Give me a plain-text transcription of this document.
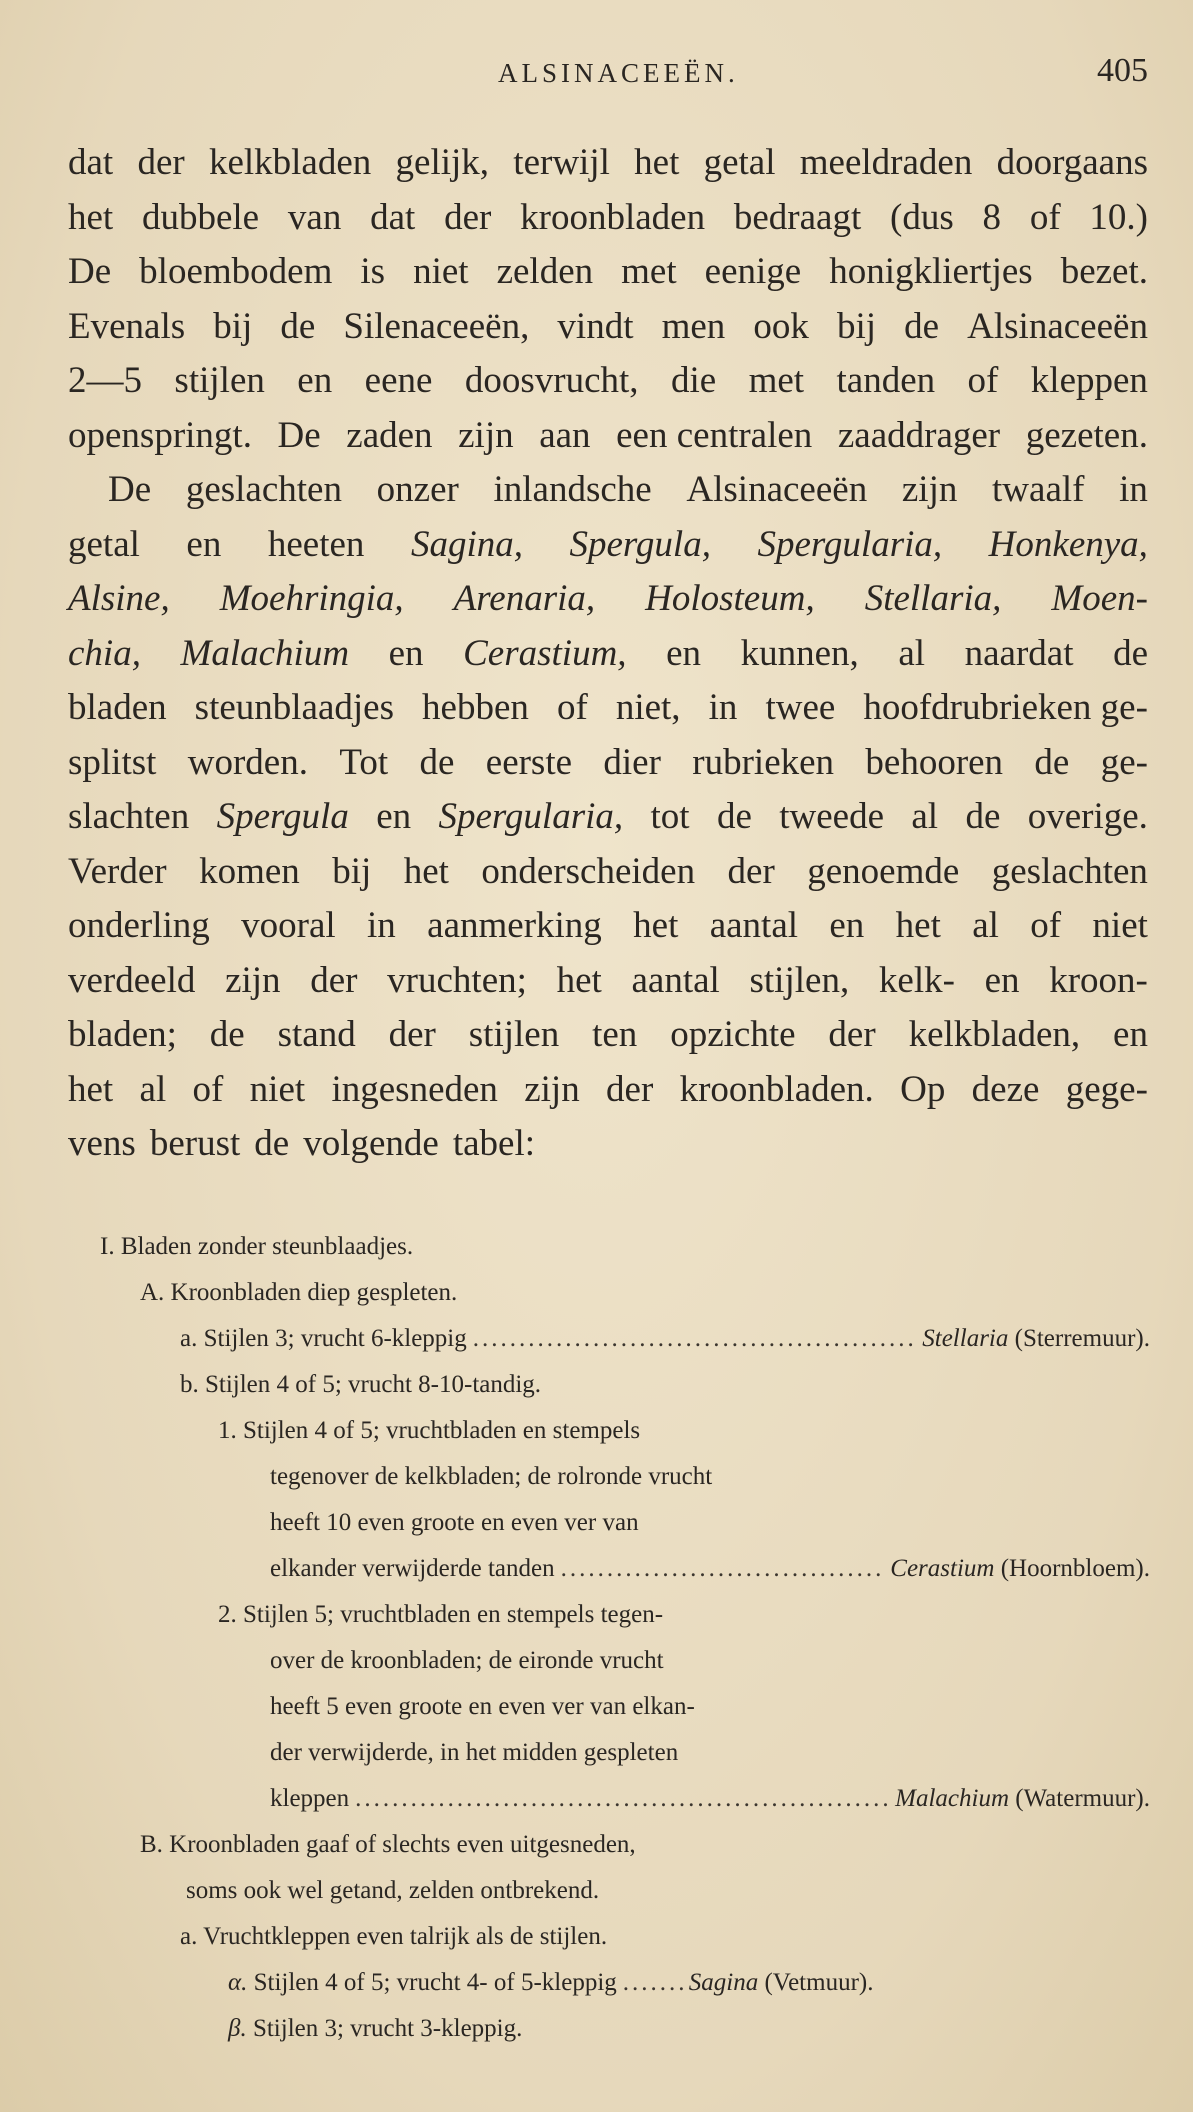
ALSINACEEËN.	405
dat der kelkbladen gelijk, terwijl het getal meeldraden doorgaans
het dubbele van dat der kroonbladen bedraagt (dus 8 of 10.)
De bloembodem is niet zelden met eenige honigkliertjes bezet.
Evenals bij de Silenaceeën, vindt men ook bij de Alsinaceeën
2—5 stijlen en eene doosvrucht, die met tanden of kleppen
openspringt. De zaden zijn aan een centralen zaaddrager gezeten.
De geslachten onzer inlandsche Alsinaceeën zijn twaalf in
getal en heeten Sagina, Spergula, Spergularia, Honkenya,
Alsine, Moehringia, Arenaria, Holosteum, Stellaria, Moen-
chia, Malachium en Cerastium, en kunnen, al naardat de
bladen steunblaadjes hebben of niet, in twee hoofdrubrieken ge-
splitst worden. Tot de eerste dier rubrieken behooren de ge-
slachten Spergula en Spergularia, tot de tweede al de overige.
Verder komen bij het onderscheiden der genoemde geslachten
onderling vooral in aanmerking het aantal en het al of niet
verdeeld zijn der vruchten; het aantal stijlen, kelk- en kroon-
bladen; de stand der stijlen ten opzichte der kelkbladen, en
het al of niet ingesneden zijn der kroonbladen. Op deze gege-
vens berust de volgende tabel:
I. Bladen zonder steunblaadjes.
A. Kroonbladen diep gespleten.
a. Stijlen 3; vrucht 6-kleppig .....	Stellaria (Sterremuur).
b. Stijlen 4 of 5; vrucht 8-10-tandig.
1. Stijlen 4 of 5; vruchtbladen en stempels
tegenover de kelkbladen; de rolronde vrucht
heeft 10 even groote en even ver van
elkander verwijderde tanden .....	Cerastium (Hoornbloem).
2. Stijlen 5; vruchtbladen en stempels tegen-
over de kroonbladen; de eironde vrucht
heeft 5 even groote en even ver van elkan-
der verwijderde, in het midden gespleten
kleppen .....	Malachium (Watermuur).
B. Kroonbladen gaaf of slechts even uitgesneden,
soms ook wel getand, zelden ontbrekend.
a. Vruchtkleppen even talrijk als de stijlen.
α. Stijlen 4 of 5; vrucht 4- of 5-kleppig .....	Sagina (Vetmuur).
β. Stijlen 3; vrucht 3-kleppig.
